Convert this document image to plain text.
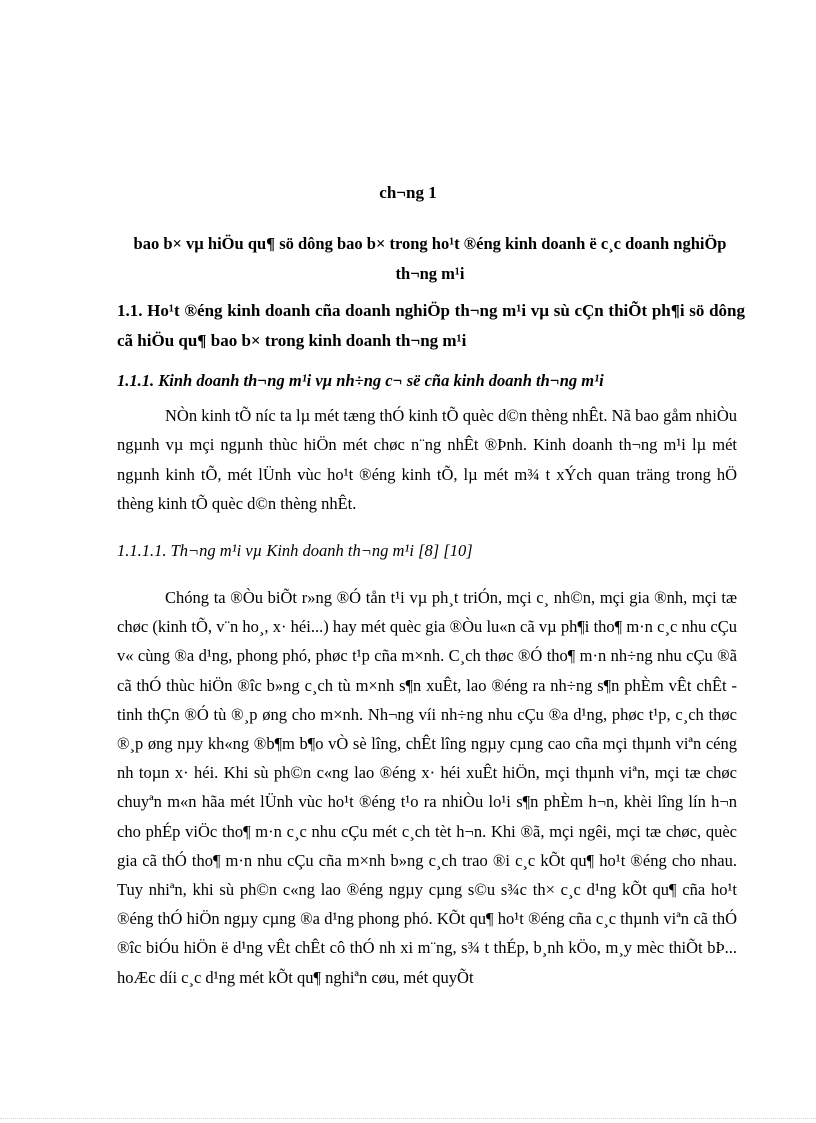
ch¬ng 1
bao b× vµ hiÖu qu¶ sö dông bao b× trong ho¹t ®éng kinh doanh ë c¸c doanh nghiÖp th¬ng m¹i
1.1. Ho¹t ®éng kinh doanh cña doanh nghiÖp th¬ng m¹i vµ sù cÇn thiÕt ph¶i sö dông cã hiÖu qu¶ bao b× trong kinh doanh th¬ng m¹i
1.1.1. Kinh doanh th¬ng m¹i vµ nh÷ng c¬ së cña kinh doanh th¬ng m¹i

NÒn kinh tÕ níc ta lµ mét tæng thÓ kinh tÕ quèc d©n thèng nhÊt. Nã bao gåm nhiÒu ngµnh vµ mçi ngµnh thùc hiÖn mét chøc n¨ng nhÊt ®Þnh. Kinh doanh th¬ng m¹i lµ mét ngµnh kinh tÕ, mét lÜnh vùc ho¹t ®éng kinh tÕ, lµ mét m¾ t xÝch quan träng trong hÖ thèng kinh tÕ quèc d©n thèng nhÊt.

1.1.1.1. Th¬ng m¹i vµ Kinh doanh th¬ng m¹i [8] [10]

Chóng ta ®Òu biÕt r»ng ®Ó tån t¹i vµ ph¸t triÓn, mçi c¸ nh©n, mçi gia ®nh, mçi tæ chøc (kinh tÕ, v¨n ho¸, x· héi...) hay mét quèc gia ®Òu lu«n cã vµ ph¶i tho¶ m·n c¸c nhu cÇu v« cùng ®a d¹ng, phong phó, phøc t¹p cña m×nh. C¸ch thøc ®Ó tho¶ m·n nh÷ng nhu cÇu ®ã cã thÓ thùc hiÖn ®îc b»ng c¸ch tù m×nh s¶n xuÊt, lao ®éng ra nh÷ng s¶n phÈm vÊt chÊt - tinh thÇn ®Ó tù ®¸p øng cho m×nh. Nh¬ng víi nh÷ng nhu cÇu ®a d¹ng, phøc t¹p, c¸ch thøc ®¸p øng nµy kh«ng ®b¶m b¶o vÒ sè lîng, chÊt lîng ngµy cµng cao cña mçi thµnh viªn céng nh toµn x· héi. Khi sù ph©n c«ng lao ®éng x· héi xuÊt hiÖn, mçi thµnh viªn, mçi tæ chøc chuyªn m«n hãa mét lÜnh vùc ho¹t ®éng t¹o ra nhiÒu lo¹i s¶n phÈm h¬n, khèi lîng lín h¬n cho phÉp viÖc tho¶ m·n c¸c nhu cÇu mét c¸ch tèt h¬n. Khi ®ã, mçi ngêi, mçi tæ chøc, quèc gia cã thÓ tho¶ m·n nhu cÇu cña m×nh b»ng c¸ch trao ®i c¸c kÕt qu¶ ho¹t ®éng cho nhau. Tuy nhiªn, khi sù ph©n c«ng lao ®éng ngµy cµng s©u s¾c th× c¸c d¹ng kÕt qu¶ cña ho¹t ®éng thÓ hiÖn ngµy cµng ®a d¹ng phong phó. KÕt qu¶ ho¹t ®éng cña c¸c thµnh viªn cã thÓ ®îc biÓu hiÖn ë d¹ng vÊt chÊt cô thÓ nh xi m¨ng, s¾ t thÉp, b¸nh kÖo, m¸y mèc thiÕt bÞ... hoÆc díi c¸c d¹ng mét kÕt qu¶ nghiªn cøu, mét quyÕt
